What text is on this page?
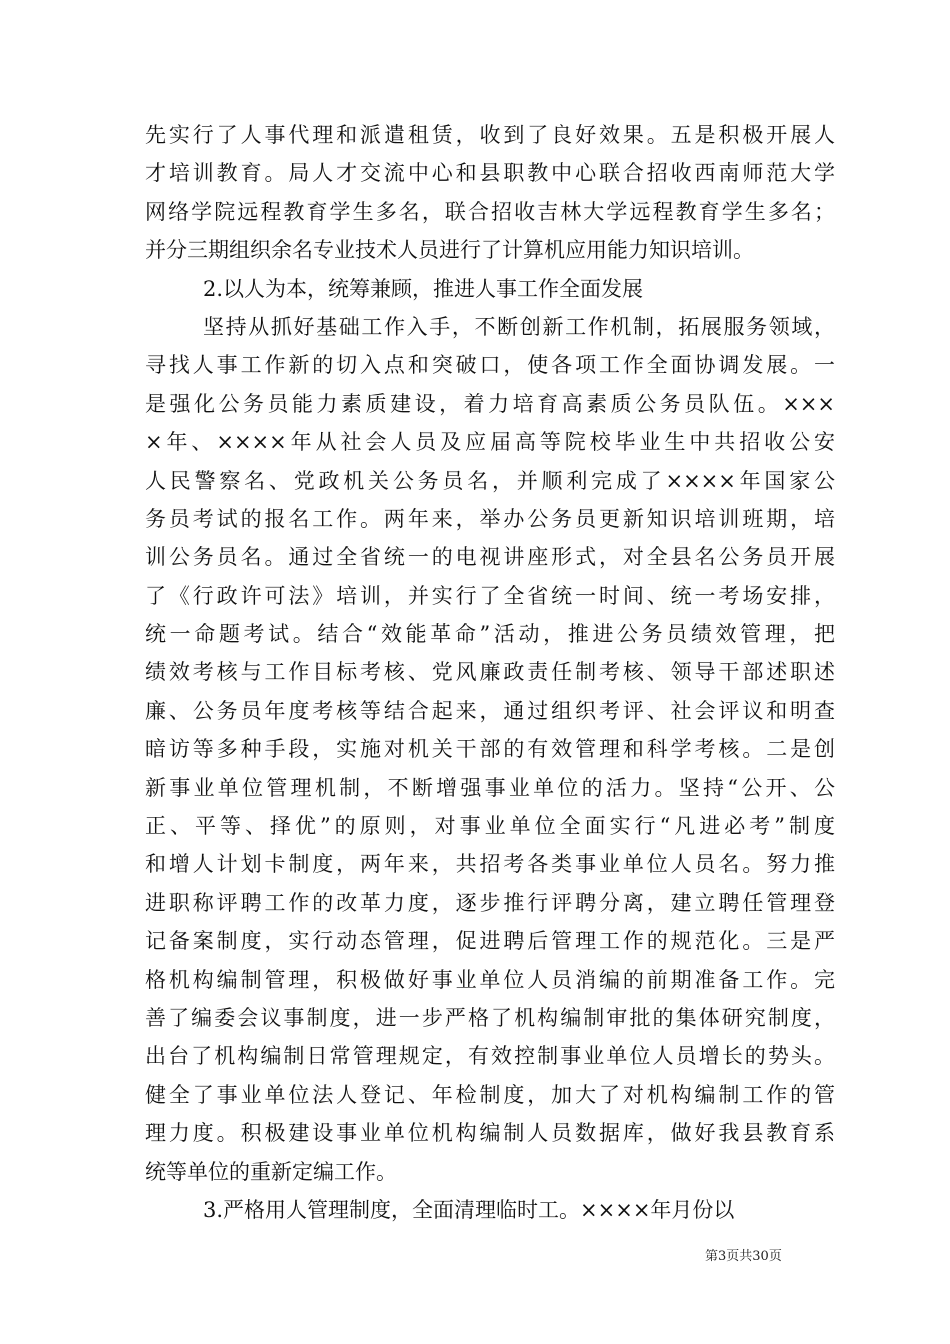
先实行了人事代理和派遣租赁，收到了良好效果。五是积极开展人
才培训教育。局人才交流中心和县职教中心联合招收西南师范大学
网络学院远程教育学生多名，联合招收吉林大学远程教育学生多名；
并分三期组织余名专业技术人员进行了计算机应用能力知识培训。
2.以人为本，统筹兼顾，推进人事工作全面发展
坚持从抓好基础工作入手，不断创新工作机制，拓展服务领域，
寻找人事工作新的切入点和突破口，使各项工作全面协调发展。一
是强化公务员能力素质建设，着力培育高素质公务员队伍。×××
×年、××××年从社会人员及应届高等院校毕业生中共招收公安
人民警察名、党政机关公务员名，并顺利完成了××××年国家公
务员考试的报名工作。两年来，举办公务员更新知识培训班期，培
训公务员名。通过全省统一的电视讲座形式，对全县名公务员开展
了《行政许可法》培训，并实行了全省统一时间、统一考场安排，
统一命题考试。结合“效能革命”活动，推进公务员绩效管理，把
绩效考核与工作目标考核、党风廉政责任制考核、领导干部述职述
廉、公务员年度考核等结合起来，通过组织考评、社会评议和明查
暗访等多种手段，实施对机关干部的有效管理和科学考核。二是创
新事业单位管理机制，不断增强事业单位的活力。坚持“公开、公
正、平等、择优”的原则，对事业单位全面实行“凡进必考”制度
和增人计划卡制度，两年来，共招考各类事业单位人员名。努力推
进职称评聘工作的改革力度，逐步推行评聘分离，建立聘任管理登
记备案制度，实行动态管理，促进聘后管理工作的规范化。三是严
格机构编制管理，积极做好事业单位人员消编的前期准备工作。完
善了编委会议事制度，进一步严格了机构编制审批的集体研究制度，
出台了机构编制日常管理规定，有效控制事业单位人员增长的势头。
健全了事业单位法人登记、年检制度，加大了对机构编制工作的管
理力度。积极建设事业单位机构编制人员数据库，做好我县教育系
统等单位的重新定编工作。
3.严格用人管理制度，全面清理临时工。××××年月份以
第3页共30页
